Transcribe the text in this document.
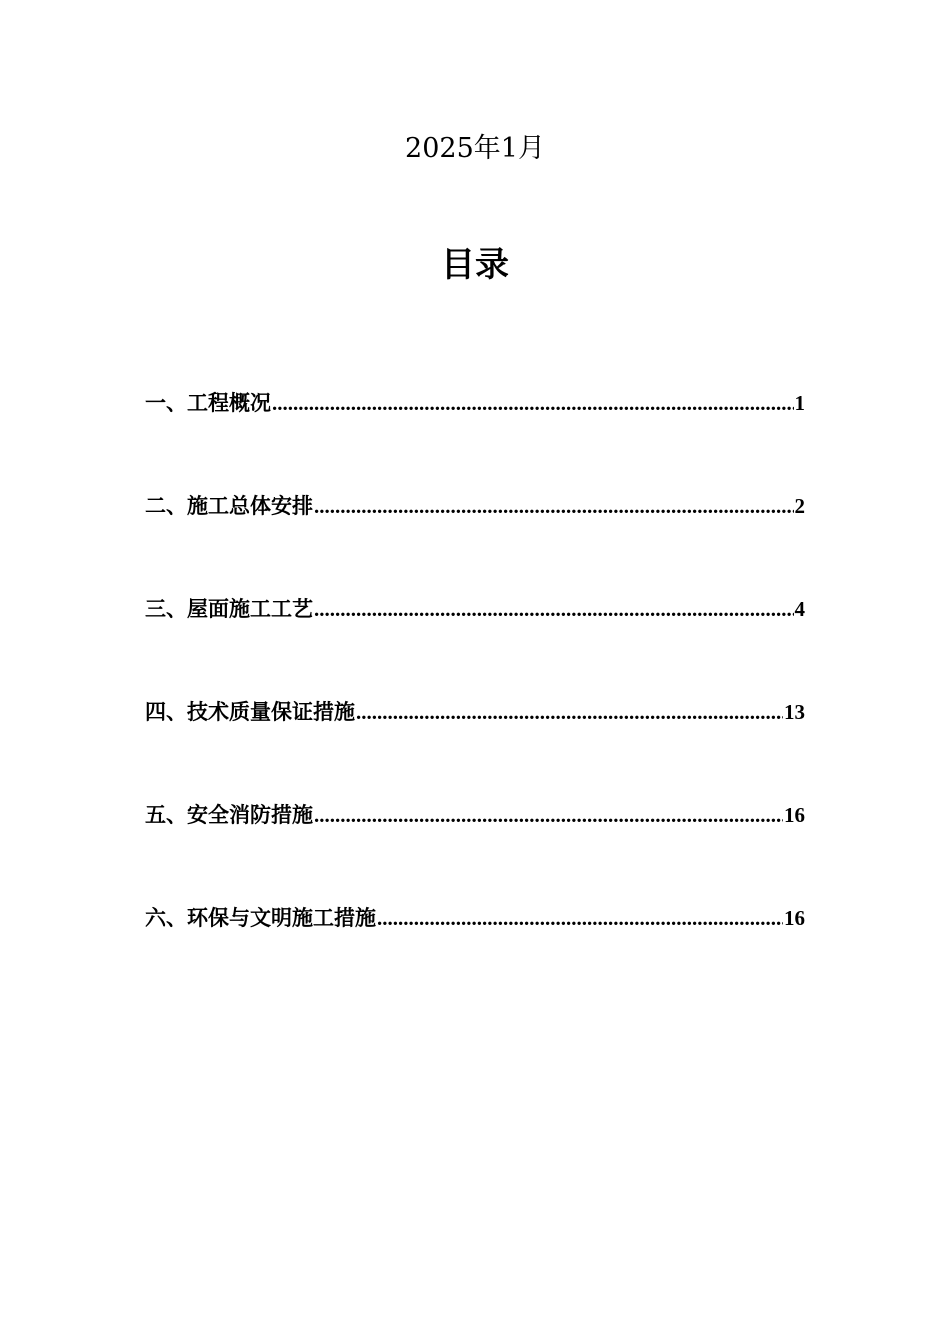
2025年1月
目录
一、工程概况 .....	1
二、施工总体安排 .....	2
三、屋面施工工艺 .....	4
四、技术质量保证措施 .....	13
五、安全消防措施 .....	16
六、环保与文明施工措施 .....	16
